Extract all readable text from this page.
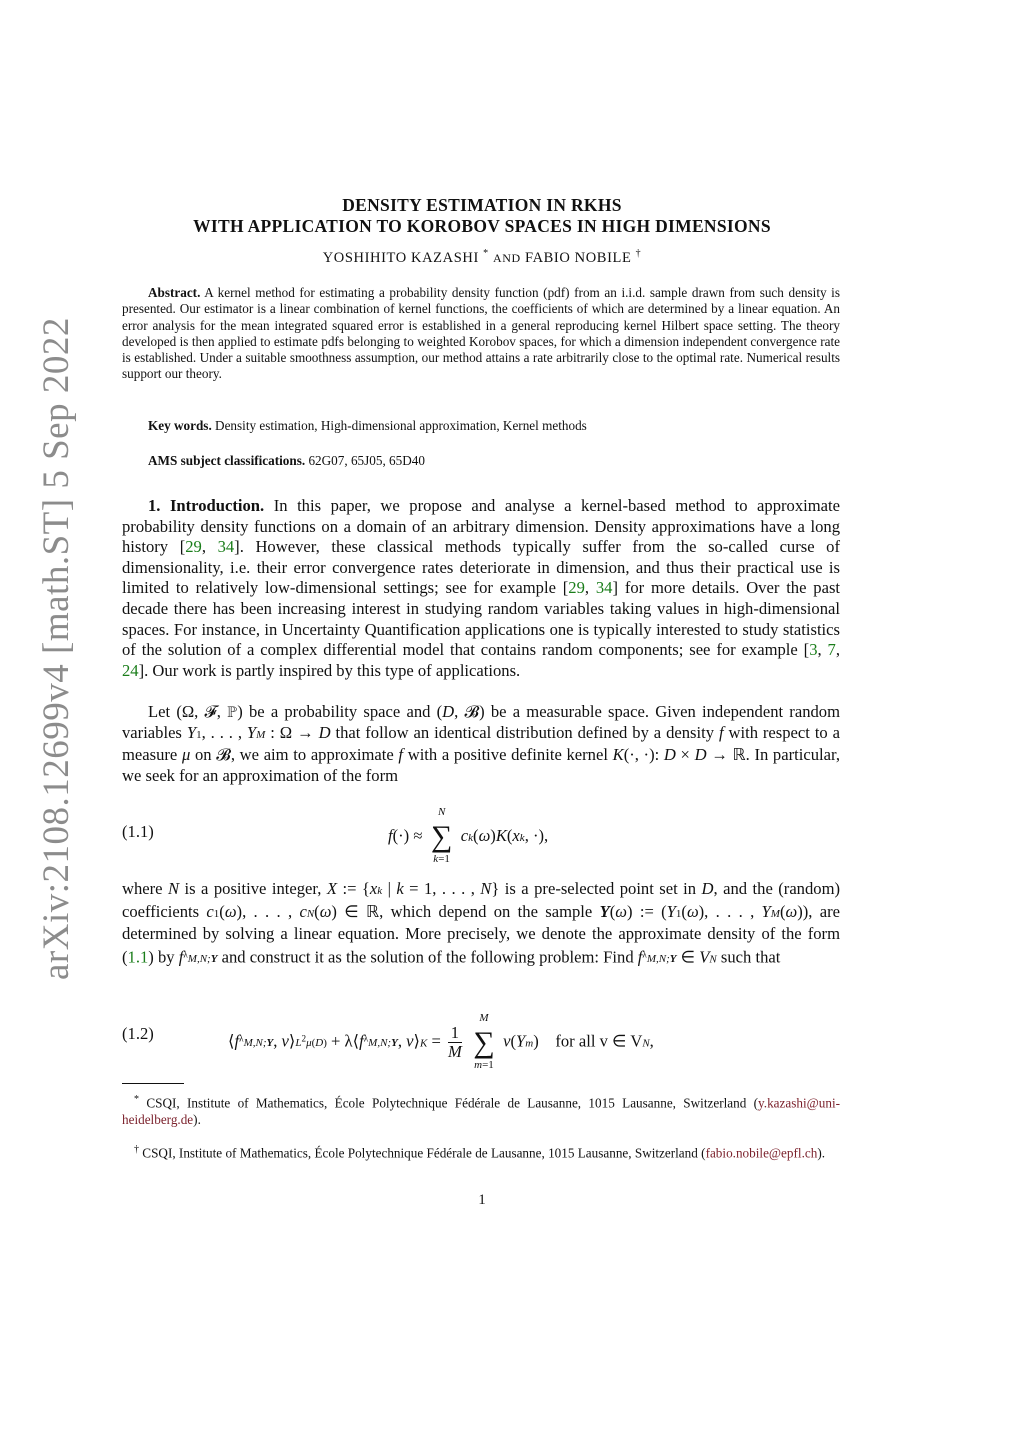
arXiv:2108.12699v4 [math.ST] 5 Sep 2022
DENSITY ESTIMATION IN RKHS
WITH APPLICATION TO KOROBOV SPACES IN HIGH DIMENSIONS
YOSHIHITO KAZASHI * AND FABIO NOBILE †
Abstract. A kernel method for estimating a probability density function (pdf) from an i.i.d. sample drawn from such density is presented. Our estimator is a linear combination of kernel functions, the coefficients of which are determined by a linear equation. An error analysis for the mean integrated squared error is established in a general reproducing kernel Hilbert space setting. The theory developed is then applied to estimate pdfs belonging to weighted Korobov spaces, for which a dimension independent convergence rate is established. Under a suitable smoothness assumption, our method attains a rate arbitrarily close to the optimal rate. Numerical results support our theory.
Key words. Density estimation, High-dimensional approximation, Kernel methods
AMS subject classifications. 62G07, 65J05, 65D40
1. Introduction. In this paper, we propose and analyse a kernel-based method to approximate probability density functions on a domain of an arbitrary dimension. Density approximations have a long history [29, 34]. However, these classical methods typically suffer from the so-called curse of dimensionality, i.e. their error convergence rates deteriorate in dimension, and thus their practical use is limited to relatively low-dimensional settings; see for example [29, 34] for more details. Over the past decade there has been increasing interest in studying random variables taking values in high-dimensional spaces. For instance, in Uncertainty Quantification applications one is typically interested to study statistics of the solution of a complex differential model that contains random components; see for example [3, 7, 24]. Our work is partly inspired by this type of applications.
Let (Ω, 𝓕, ℙ) be a probability space and (D, 𝓑) be a measurable space. Given independent random variables Y1, . . . , YM : Ω → D that follow an identical distribution defined by a density f with respect to a measure μ on 𝓑, we aim to approximate f with a positive definite kernel K(·, ·): D × D → ℝ. In particular, we seek for an approximation of the form
(1.1)	f(·) ≈
N
∑
k=1
ck(ω)K(xk, ·),
where N is a positive integer, X := {xk | k = 1, . . . , N} is a pre-selected point set in D, and the (random) coefficients c1(ω), . . . , cN(ω) ∈ ℝ, which depend on the sample Y(ω) := (Y1(ω), . . . , YM(ω)), are determined by solving a linear equation. More precisely, we denote the approximate density of the form (1.1) by $f^\lambda M,N;Y$ and construct it as the solution of the following problem: Find $f^\lambda M,N;Y$ ∈ VN such that
(1.2)	$⟨f^\lambda M,N;Y$, $v⟩L^2\mu(D)$ + $\lambda⟨f^\lambda M,N;Y$, v⟩K = $\frac{1}{M}$

M
∑
m=1
v(Ym)    for all v ∈ VN,
* CSQI, Institute of Mathematics, École Polytechnique Fédérale de Lausanne, 1015 Lausanne, Switzerland (y.kazashi@uni-heidelberg.de).
† CSQI, Institute of Mathematics, École Polytechnique Fédérale de Lausanne, 1015 Lausanne, Switzerland (fabio.nobile@epfl.ch).
1
